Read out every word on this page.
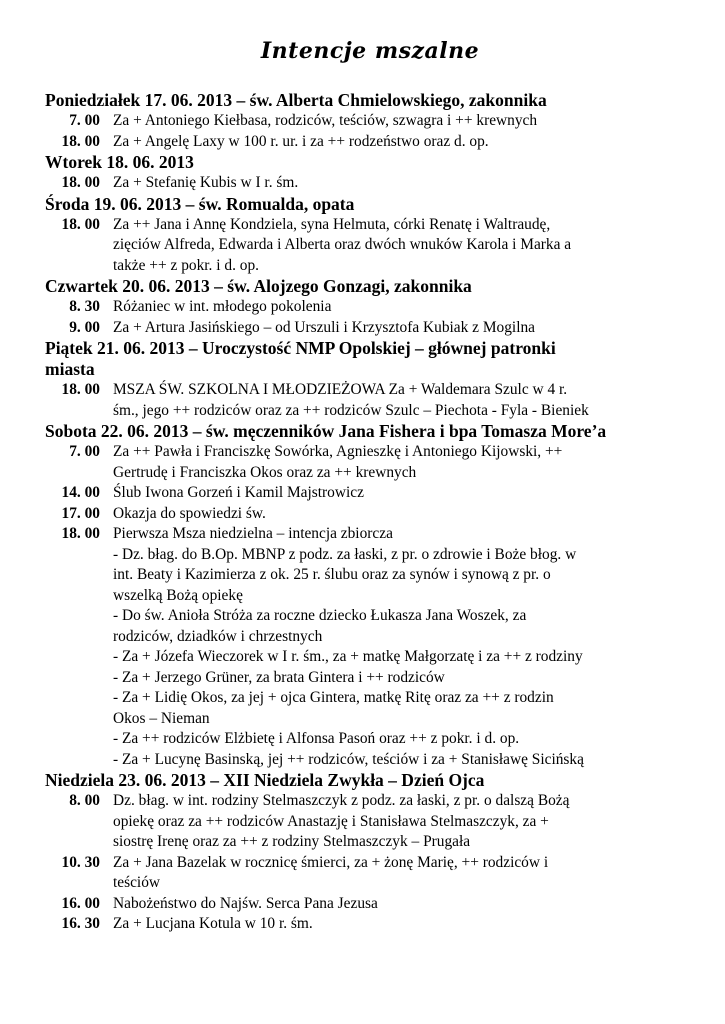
Intencje mszalne
Poniedziałek 17. 06. 2013 – św. Alberta Chmielowskiego, zakonnika
7. 00 Za + Antoniego Kiełbasa, rodziców, teściów, szwagra i ++ krewnych
18. 00 Za + Angelę Laxy w 100 r. ur. i za ++ rodzeństwo oraz d. op.
Wtorek 18. 06. 2013
18. 00 Za + Stefanię Kubis w I r. śm.
Środa 19. 06. 2013 – św. Romualda, opata
18. 00 Za ++ Jana i Annę Kondziela, syna Helmuta, córki Renatę i Waltraudę,
zięciów Alfreda, Edwarda i Alberta oraz dwóch wnuków Karola i Marka a
także ++ z pokr. i d. op.
Czwartek 20. 06. 2013 – św. Alojzego Gonzagi, zakonnika
8. 30 Różaniec w int. młodego pokolenia
9. 00 Za + Artura Jasińskiego – od Urszuli i Krzysztofa Kubiak z Mogilna
Piątek 21. 06. 2013 – Uroczystość NMP Opolskiej – głównej patronki
miasta
18. 00 MSZA ŚW. SZKOLNA I MŁODZIEŻOWA Za + Waldemara Szulc w 4 r.
śm., jego ++ rodziców oraz za ++ rodziców Szulc – Piechota - Fyla - Bieniek
Sobota 22. 06. 2013 – św. męczenników Jana Fishera i bpa Tomasza More’a
7. 00 Za ++ Pawła i Franciszkę Sowórka, Agnieszkę i Antoniego Kijowski, ++
Gertrudę i Franciszka Okos oraz za ++ krewnych
14. 00 Ślub Iwona Gorzeń i Kamil Majstrowicz
17. 00 Okazja do spowiedzi św.
18. 00 Pierwsza Msza niedzielna – intencja zbiorcza
- Dz. błag. do B.Op. MBNP z podz. za łaski, z pr. o zdrowie i Boże błog. w
int. Beaty i Kazimierza z ok. 25 r. ślubu oraz za synów i synową z pr. o
wszelką Bożą opiekę
- Do św. Anioła Stróża za roczne dziecko Łukasza Jana Woszek, za
rodziców, dziadków i chrzestnych
- Za + Józefa Wieczorek w I r. śm., za + matkę Małgorzatę i za ++ z rodziny
- Za + Jerzego Grüner, za brata Gintera i ++ rodziców
- Za + Lidię Okos, za jej + ojca Gintera, matkę Ritę oraz za ++ z rodzin
Okos – Nieman
- Za ++ rodziców Elżbietę i Alfonsa Pasoń oraz ++ z pokr. i d. op.
- Za + Lucynę Basinską, jej ++ rodziców, teściów i za + Stanisławę Sicińską
Niedziela 23. 06. 2013 – XII Niedziela Zwykła – Dzień Ojca
8. 00 Dz. błag. w int. rodziny Stelmaszczyk z podz. za łaski, z pr. o dalszą Bożą
opiekę oraz za ++ rodziców Anastazję i Stanisława Stelmaszczyk, za +
siostrę Irenę oraz za ++ z rodziny Stelmaszczyk – Prugała
10. 30 Za + Jana Bazelak w rocznicę śmierci, za + żonę Marię, ++ rodziców i
teściów
16. 00 Nabożeństwo do Najśw. Serca Pana Jezusa
16. 30 Za + Lucjana Kotula w 10 r. śm.
